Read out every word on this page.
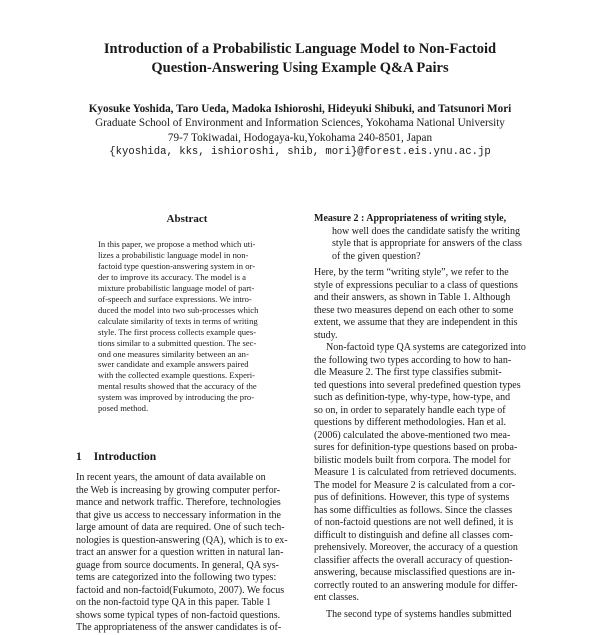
Introduction of a Probabilistic Language Model to Non-Factoid
Question-Answering Using Example Q&A Pairs
Kyosuke Yoshida, Taro Ueda, Madoka Ishioroshi, Hideyuki Shibuki, and Tatsunori Mori
Graduate School of Environment and Information Sciences, Yokohama National University
79-7 Tokiwadai, Hodogaya-ku,Yokohama 240-8501, Japan
{kyoshida, kks, ishioroshi, shib, mori}@forest.eis.ynu.ac.jp
Abstract
In this paper, we propose a method which uti-
lizes a probabilistic language model in non-
factoid type question-answering system in or-
der to improve its accuracy. The model is a
mixture probabilistic language model of part-
of-speech and surface expressions. We intro-
duced the model into two sub-processes which
calculate similarity of texts in terms of writing
style. The first process collects example ques-
tions similar to a submitted question. The sec-
ond one measures similarity between an an-
swer candidate and example answers paired
with the collected example questions. Experi-
mental results showed that the accuracy of the
system was improved by introducing the pro-
posed method.
1 Introduction
In recent years, the amount of data available on
the Web is increasing by growing computer perfor-
mance and network traffic. Therefore, technologies
that give us access to neccessary information in the
large amount of data are required. One of such tech-
nologies is question-answering (QA), which is to ex-
tract an answer for a question written in natural lan-
guage from source documents. In general, QA sys-
tems are categorized into the following two types:
factoid and non-factoid(Fukumoto, 2007). We focus
on the non-factoid type QA in this paper. Table 1
shows some typical types of non-factoid questions.
The appropriateness of the answer candidates is of-
Measure 2 : Appropriateness of writing style,
how well does the candidate satisfy the writing
style that is appropriate for answers of the class
of the given question?
Here, by the term “writing style”, we refer to the
style of expressions peculiar to a class of questions
and their answers, as shown in Table 1. Although
these two measures depend on each other to some
extent, we assume that they are independent in this
study.
Non-factoid type QA systems are categorized into
the following two types according to how to han-
dle Measure 2. The first type classifies submit-
ted questions into several predefined question types
such as definition-type, why-type, how-type, and
so on, in order to separately handle each type of
questions by different methodologies. Han et al.
(2006) calculated the above-mentioned two mea-
sures for definition-type questions based on proba-
bilistic models built from corpora. The model for
Measure 1 is calculated from retrieved documents.
The model for Measure 2 is calculated from a cor-
pus of definitions. However, this type of systems
has some difficulties as follows. Since the classes
of non-factoid questions are not well defined, it is
difficult to distinguish and define all classes com-
prehensively. Moreover, the accuracy of a question
classifier affects the overall accuracy of question-
answering, because misclassified questions are in-
correctly routed to an answering module for differ-
ent classes.
The second type of systems handles submitted
